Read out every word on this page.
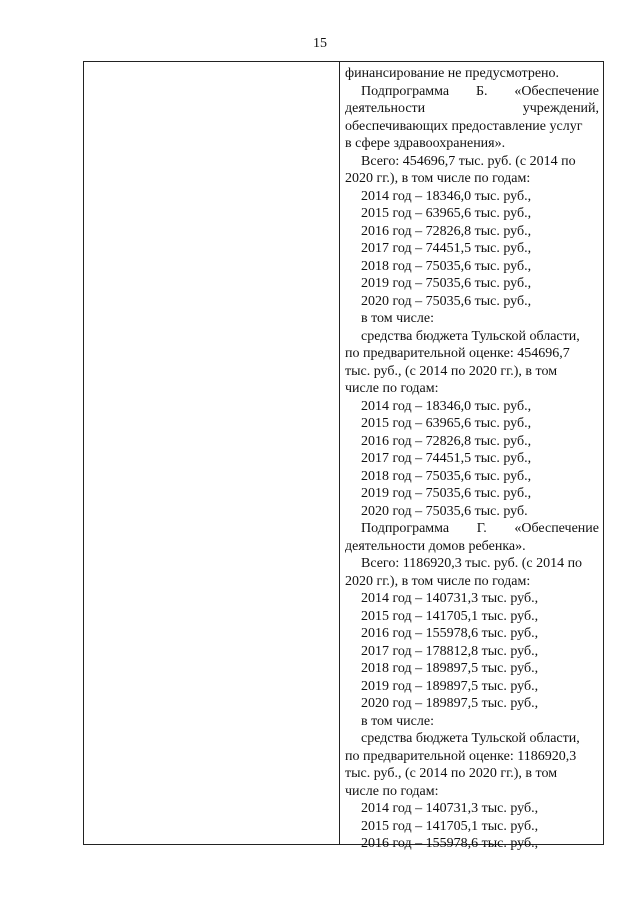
15
финансирование не предусмотрено.
Подпрограмма Б. «Обеспечение
деятельности учреждений,
обеспечивающих предоставление услуг
в сфере здравоохранения».
Всего: 454696,7 тыс. руб. (с 2014 по
2020 гг.), в том числе по годам:
2014 год – 18346,0 тыс. руб.,
2015 год – 63965,6 тыс. руб.,
2016 год – 72826,8 тыс. руб.,
2017 год – 74451,5 тыс. руб.,
2018 год – 75035,6 тыс. руб.,
2019 год – 75035,6 тыс. руб.,
2020 год – 75035,6 тыс. руб.,
в том числе:
средства бюджета Тульской области,
по предварительной оценке: 454696,7
тыс. руб., (с 2014 по 2020 гг.), в том
числе по годам:
2014 год – 18346,0 тыс. руб.,
2015 год – 63965,6 тыс. руб.,
2016 год – 72826,8 тыс. руб.,
2017 год – 74451,5 тыс. руб.,
2018 год – 75035,6 тыс. руб.,
2019 год – 75035,6 тыс. руб.,
2020 год – 75035,6 тыс. руб.
Подпрограмма Г. «Обеспечение
деятельности домов ребенка».
Всего: 1186920,3 тыс. руб. (с 2014 по
2020 гг.), в том числе по годам:
2014 год – 140731,3 тыс. руб.,
2015 год – 141705,1 тыс. руб.,
2016 год – 155978,6 тыс. руб.,
2017 год – 178812,8 тыс. руб.,
2018 год – 189897,5 тыс. руб.,
2019 год – 189897,5 тыс. руб.,
2020 год – 189897,5 тыс. руб.,
в том числе:
средства бюджета Тульской области,
по предварительной оценке: 1186920,3
тыс. руб., (с 2014 по 2020 гг.), в том
числе по годам:
2014 год – 140731,3 тыс. руб.,
2015 год – 141705,1 тыс. руб.,
2016 год – 155978,6 тыс. руб.,
